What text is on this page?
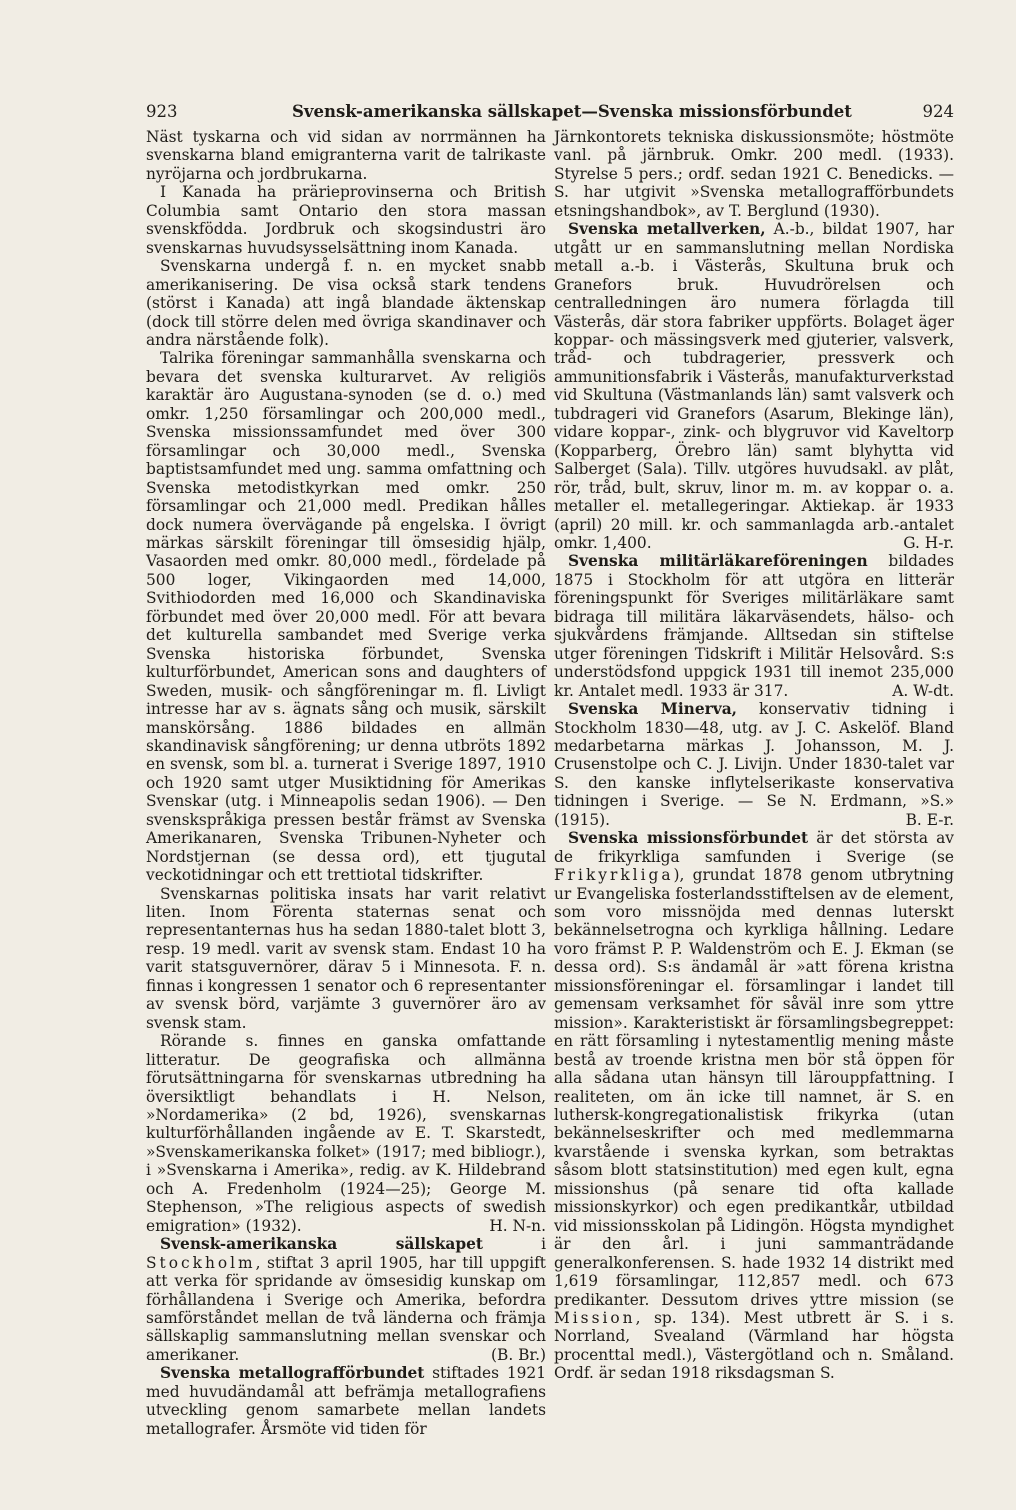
923	Svensk-amerikanska sällskapet—Svenska missionsförbundet	924

Näst tyskarna och vid sidan av norrmännen ha svenskarna bland emigranterna varit de talrikaste nyröjarna och jordbrukarna.

I Kanada ha prärieprovinserna och British Columbia samt Ontario den stora massan svenskfödda. Jordbruk och skogsindustri äro svenskarnas huvudsysselsättning inom Kanada.

Svenskarna undergå f. n. en mycket snabb amerikanisering. De visa också stark tendens (störst i Kanada) att ingå blandade äktenskap (dock till större delen med övriga skandinaver och andra närstående folk).

Talrika föreningar sammanhålla svenskarna och bevara det svenska kulturarvet. Av religiös karaktär äro Augustana-synoden (se d. o.) med omkr. 1,250 församlingar och 200,000 medl., Svenska missionssamfundet med över 300 församlingar och 30,000 medl., Svenska baptistsamfundet med ung. samma omfattning och Svenska metodistkyrkan med omkr. 250 församlingar och 21,000 medl. Predikan hålles dock numera övervägande på engelska. I övrigt märkas särskilt föreningar till ömsesidig hjälp, Vasaorden med omkr. 80,000 medl., fördelade på 500 loger, Vikingaorden med 14,000, Svithiodorden med 16,000 och Skandinaviska förbundet med över 20,000 medl. För att bevara det kulturella sambandet med Sverige verka Svenska historiska förbundet, Svenska kulturförbundet, American sons and daughters of Sweden, musik- och sångföreningar m. fl. Livligt intresse har av s. ägnats sång och musik, särskilt manskörsång. 1886 bildades en allmän skandinavisk sångförening; ur denna utbröts 1892 en svensk, som bl. a. turnerat i Sverige 1897, 1910 och 1920 samt utger Musiktidning för Amerikas Svenskar (utg. i Minneapolis sedan 1906). — Den svenskspråkiga pressen består främst av Svenska Amerikanaren, Svenska Tribunen-Nyheter och Nordstjernan (se dessa ord), ett tjugutal veckotidningar och ett trettiotal tidskrifter.

Svenskarnas politiska insats har varit relativt liten. Inom Förenta staternas senat och representanternas hus ha sedan 1880-talet blott 3, resp. 19 medl. varit av svensk stam. Endast 10 ha varit statsguvernörer, därav 5 i Minnesota. F. n. finnas i kongressen 1 senator och 6 representanter av svensk börd, varjämte 3 guvernörer äro av svensk stam.

Rörande s. finnes en ganska omfattande litteratur. De geografiska och allmänna förutsättningarna för svenskarnas utbredning ha översiktligt behandlats i H. Nelson, »Nordamerika» (2 bd, 1926), svenskarnas kulturförhållanden ingående av E. T. Skarstedt, »Svenskamerikanska folket» (1917; med bibliogr.), i »Svenskarna i Amerika», redig. av K. Hildebrand och A. Fredenholm (1924—25); George M. Stephenson, »The religious aspects of swedish emigration» (1932).	H. N-n.

Svensk-amerikanska sällskapet	i Stockholm, stiftat 3 april 1905, har till uppgift att verka för spridande av ömsesidig kunskap om förhållandena i Sverige och Amerika, befordra samförståndet mellan de två länderna och främja sällskaplig sammanslutning mellan svenskar och amerikaner.	(B. Br.)

Svenska metallografförbundet stiftades 1921 med huvudändamål att befrämja metallografiens utveckling genom samarbete mellan landets metallografer. Årsmöte vid tiden för

Järnkontorets tekniska diskussionsmöte; höstmöte vanl. på järnbruk. Omkr. 200 medl. (1933). Styrelse 5 pers.; ordf. sedan 1921 C. Benedicks. — S. har utgivit »Svenska metallografförbundets etsningshandbok», av T. Berglund (1930).

Svenska metallverken, A.-b., bildat 1907, har utgått ur en sammanslutning mellan Nordiska metall a.-b. i Västerås, Skultuna bruk och Granefors bruk. Huvudrörelsen och centralledningen äro numera förlagda till Västerås, där stora fabriker uppförts. Bolaget äger koppar- och mässingsverk med gjuterier, valsverk, tråd- och tubdragerier, pressverk och ammunitionsfabrik i Västerås, manufakturverkstad vid Skultuna (Västmanlands län) samt valsverk och tubdrageri vid Granefors (Asarum, Blekinge län), vidare koppar-, zink- och blygruvor vid Kaveltorp (Kopparberg, Örebro län) samt blyhytta vid Salberget (Sala). Tillv. utgöres huvudsakl. av plåt, rör, tråd, bult, skruv, linor m. m. av koppar o. a. metaller el. metallegeringar. Aktiekap. är 1933 (april) 20 mill. kr. och sammanlagda arb.-antalet omkr. 1,400.	G. H-r.

Svenska militärläkareföreningen bildades 1875 i Stockholm för att utgöra en litterär föreningspunkt för Sveriges militärläkare samt bidraga till militära läkarväsendets, hälso- och sjukvårdens främjande. Alltsedan sin stiftelse utger föreningen Tidskrift i Militär Helsovård. S:s understödsfond uppgick 1931 till inemot 235,000 kr. Antalet medl. 1933 är 317.	A. W-dt.

Svenska Minerva, konservativ tidning i Stockholm 1830—48, utg. av J. C. Askelöf. Bland medarbetarna märkas J. Johansson, M. J. Crusenstolpe och C. J. Livijn. Under 1830-talet var S. den kanske inflytelserikaste konservativa tidningen i Sverige. — Se N. Erdmann, »S.» (1915).	B. E-r.

Svenska missionsförbundet är det största av de frikyrkliga samfunden i Sverige (se Frikyrkliga), grundat 1878 genom utbrytning ur Evangeliska fosterlandsstiftelsen av de element, som voro missnöjda med dennas luterskt bekännelsetrogna och kyrkliga hållning. Ledare voro främst P. P. Waldenström och E. J. Ekman (se dessa ord). S:s ändamål är »att förena kristna missionsföreningar el. församlingar i landet till gemensam verksamhet för såväl inre som yttre mission». Karakteristiskt är församlingsbegreppet: en rätt församling i nytestamentlig mening måste bestå av troende kristna men bör stå öppen för alla sådana utan hänsyn till lärouppfattning. I realiteten, om än icke till namnet, är S. en luthersk-kongregationalistisk frikyrka (utan bekännelseskrifter och med medlemmarna kvarstående i svenska kyrkan, som betraktas såsom blott statsinstitution) med egen kult, egna missionshus (på senare tid ofta kallade missionskyrkor) och egen predikantkår, utbildad vid missionsskolan på Lidingön. Högsta myndighet är den årl. i juni sammanträdande generalkonferensen. S. hade 1932 14 distrikt med 1,619 församlingar, 112,857 medl. och 673 predikanter. Dessutom drives yttre mission (se Mission, sp. 134). Mest utbrett är S. i s. Norrland, Svealand (Värmland har högsta procenttal medl.), Västergötland och n. Småland. Ordf. är sedan 1918 riksdagsman S.
